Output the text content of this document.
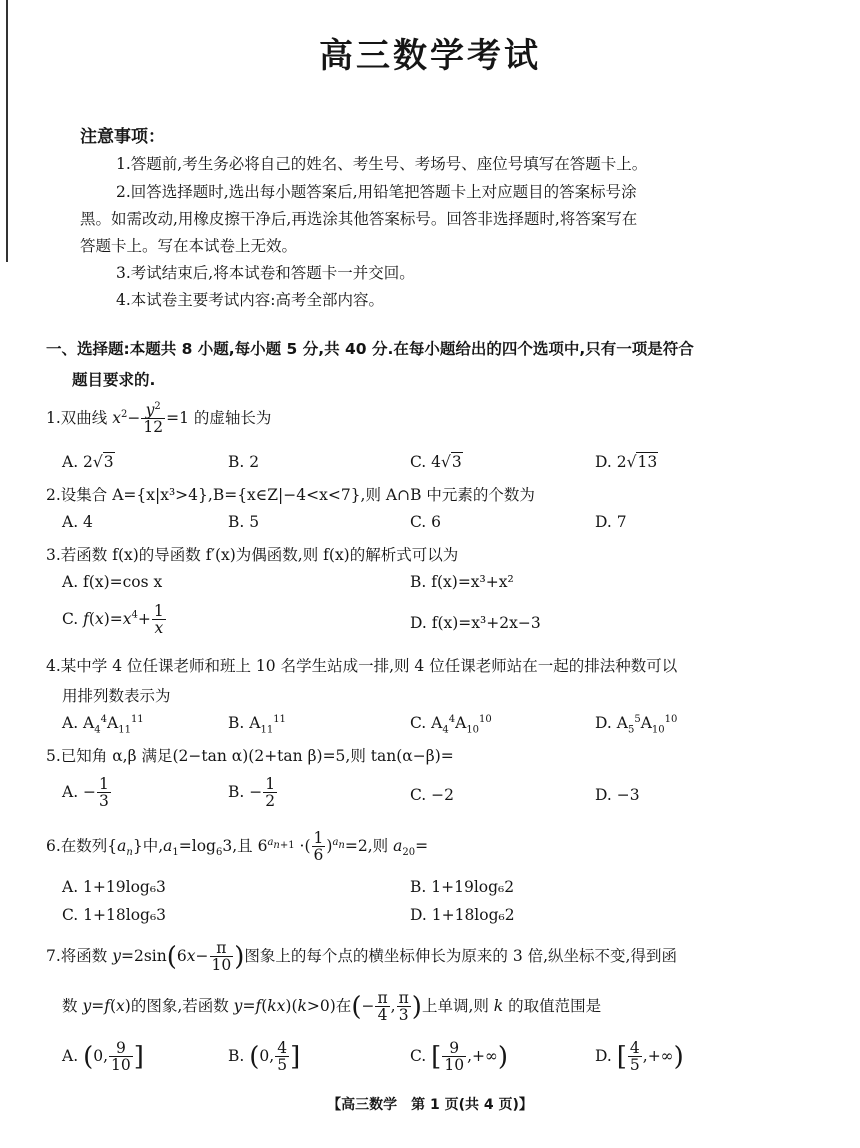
高三数学考试
注意事项：
1.答题前,考生务必将自己的姓名、考生号、考场号、座位号填写在答题卡上。
2.回答选择题时,选出每小题答案后,用铅笔把答题卡上对应题目的答案标号涂
黑。如需改动,用橡皮擦干净后,再选涂其他答案标号。回答非选择题时,将答案写在
答题卡上。写在本试卷上无效。
3.考试结束后,将本试卷和答题卡一并交回。
4.本试卷主要考试内容:高考全部内容。
一、选择题:本题共 8 小题,每小题 5 分,共 40 分.在每小题给出的四个选项中,只有一项是符合
题目要求的.
1.双曲线 $x^2- \frac{y^2}{12} =1$ 的虚轴长为
A. 2√3	B. 2	C. 4√3	D. 2√13
2.设集合 A={x|x³>4},B={x∈Z|−4<x<7},则 A∩B 中元素的个数为
A. 4	B. 5	C. 6	D. 7
3.若函数 f(x)的导函数 f′(x)为偶函数,则 f(x)的解析式可以为
A. f(x)=cos x	B. f(x)=x³+x²
C. $f(x)=x^4+ \frac{1}{x}$	D. f(x)=x³+2x−3
4.某中学 4 位任课老师和班上 10 名学生站成一排,则 4 位任课老师站在一起的排法种数可以
用排列数表示为
A. $A_4^4A_{11}^{11}$	B. $A_{11}^{11}$	C. $A_4^4A_{10}^{10}$	D. $A_5^5A_{10}^{10}$
5.已知角 α,β 满足(2−tan α)(2+tan β)=5,则 tan(α−β)=
A. − $\frac{1}{3}$	B. − $\frac{1}{2}$	C. −2	D. −3
6.在数列$\{a_n\}$中$,a_1=\log_63$,且 $6^{a_{n+1}}$ ·( $\frac{1}{6} )^{a_n}=2$,则 $a_{20}=$
A. 1+19log₆3	B. 1+19log₆2
C. 1+18log₆3	D. 1+18log₆2
7.将函数 $y=2\sin(6x- \frac{\pi}{10}$ )图象上的每个点的横坐标伸长为原来的 3 倍,纵坐标不变,得到函
数 y=f(x)的图象,若函数 y=f(kx)(k>0)在(− $\frac{\pi}{4}$ , $\frac{\pi}{3}$ )上单调,则 k 的取值范围是
A. (0, $\frac{9}{10}$ ]	B. (0, $\frac{4}{5}$ ]	C. [ $\frac{9}{10}$ ,+∞)	D. [ $\frac{4}{5}$ ,+∞)
【高三数学　第 1 页(共 4 页)】
